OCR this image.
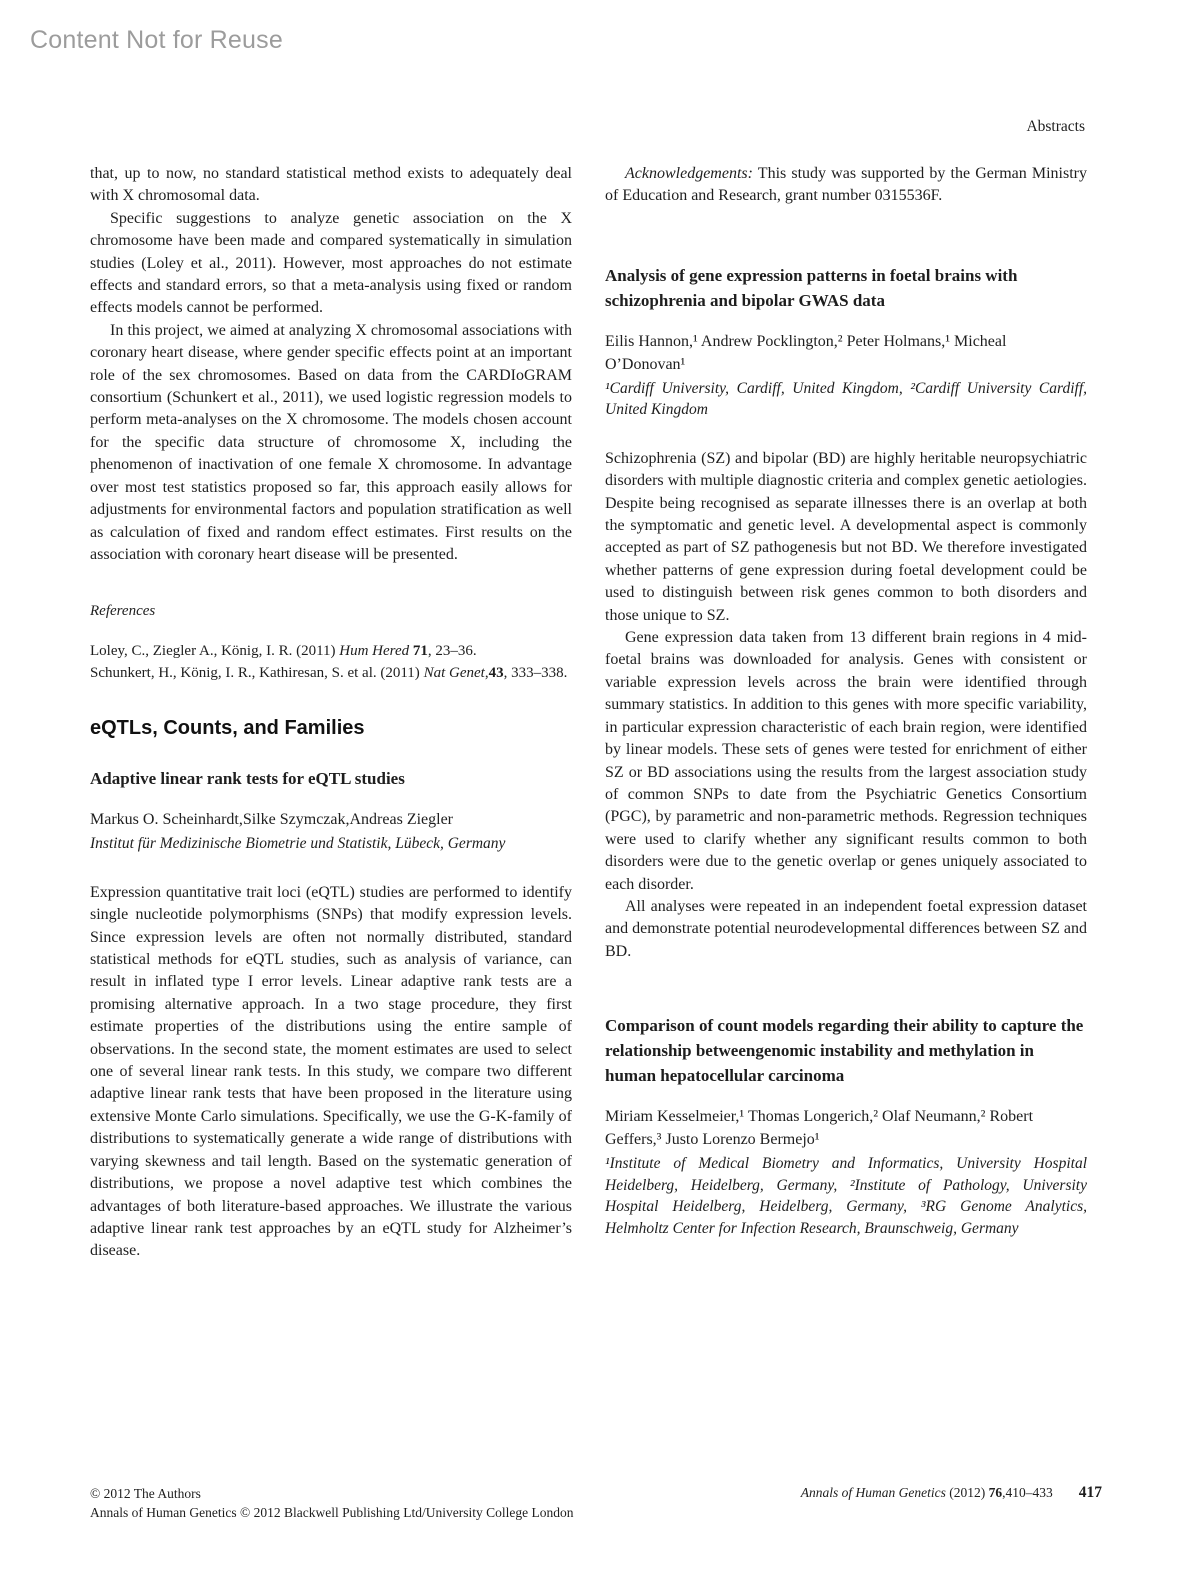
Content Not for Reuse
Abstracts

that, up to now, no standard statistical method exists to adequately deal with X chromosomal data.

Specific suggestions to analyze genetic association on the X chromosome have been made and compared systematically in simulation studies (Loley et al., 2011). However, most approaches do not estimate effects and standard errors, so that a meta-analysis using fixed or random effects models cannot be performed.

In this project, we aimed at analyzing X chromosomal associations with coronary heart disease, where gender specific effects point at an important role of the sex chromosomes. Based on data from the CARDIoGRAM consortium (Schunkert et al., 2011), we used logistic regression models to perform meta-analyses on the X chromosome. The models chosen account for the specific data structure of chromosome X, including the phenomenon of inactivation of one female X chromosome. In advantage over most test statistics proposed so far, this approach easily allows for adjustments for environmental factors and population stratification as well as calculation of fixed and random effect estimates. First results on the association with coronary heart disease will be presented.

References

Loley, C., Ziegler A., König, I. R. (2011) Hum Hered 71, 23–36.

Schunkert, H., König, I. R., Kathiresan, S. et al. (2011) Nat Genet,43, 333–338.

eQTLs, Counts, and Families
Adaptive linear rank tests for eQTL studies

Markus O. Scheinhardt,Silke Szymczak,Andreas Ziegler

Institut für Medizinische Biometrie und Statistik, Lübeck, Germany

Expression quantitative trait loci (eQTL) studies are performed to identify single nucleotide polymorphisms (SNPs) that modify expression levels. Since expression levels are often not normally distributed, standard statistical methods for eQTL studies, such as analysis of variance, can result in inflated type I error levels. Linear adaptive rank tests are a promising alternative approach. In a two stage procedure, they first estimate properties of the distributions using the entire sample of observations. In the second state, the moment estimates are used to select one of several linear rank tests. In this study, we compare two different adaptive linear rank tests that have been proposed in the literature using extensive Monte Carlo simulations. Specifically, we use the G-K-family of distributions to systematically generate a wide range of distributions with varying skewness and tail length. Based on the systematic generation of distributions, we propose a novel adaptive test which combines the advantages of both literature-based approaches. We illustrate the various adaptive linear rank test approaches by an eQTL study for Alzheimer’s disease.

Acknowledgements: This study was supported by the German Ministry of Education and Research, grant number 0315536F.

Analysis of gene expression patterns in foetal brains with schizophrenia and bipolar GWAS data

Eilis Hannon,¹ Andrew Pocklington,² Peter Holmans,¹ Micheal O’Donovan¹

¹Cardiff University, Cardiff, United Kingdom, ²Cardiff University Cardiff, United Kingdom

Schizophrenia (SZ) and bipolar (BD) are highly heritable neuropsychiatric disorders with multiple diagnostic criteria and complex genetic aetiologies. Despite being recognised as separate illnesses there is an overlap at both the symptomatic and genetic level. A developmental aspect is commonly accepted as part of SZ pathogenesis but not BD. We therefore investigated whether patterns of gene expression during foetal development could be used to distinguish between risk genes common to both disorders and those unique to SZ.

Gene expression data taken from 13 different brain regions in 4 mid-foetal brains was downloaded for analysis. Genes with consistent or variable expression levels across the brain were identified through summary statistics. In addition to this genes with more specific variability, in particular expression characteristic of each brain region, were identified by linear models. These sets of genes were tested for enrichment of either SZ or BD associations using the results from the largest association study of common SNPs to date from the Psychiatric Genetics Consortium (PGC), by parametric and non-parametric methods. Regression techniques were used to clarify whether any significant results common to both disorders were due to the genetic overlap or genes uniquely associated to each disorder.

All analyses were repeated in an independent foetal expression dataset and demonstrate potential neurodevelopmental differences between SZ and BD.

Comparison of count models regarding their ability to capture the relationship betweengenomic instability and methylation in human hepatocellular carcinoma

Miriam Kesselmeier,¹ Thomas Longerich,² Olaf Neumann,² Robert Geffers,³ Justo Lorenzo Bermejo¹

¹Institute of Medical Biometry and Informatics, University Hospital Heidelberg, Heidelberg, Germany, ²Institute of Pathology, University Hospital Heidelberg, Heidelberg, Germany, ³RG Genome Analytics, Helmholtz Center for Infection Research, Braunschweig, Germany

© 2012 The Authors

Annals of Human Genetics © 2012 Blackwell Publishing Ltd/University College London

Annals of Human Genetics (2012) 76,410–433 417
